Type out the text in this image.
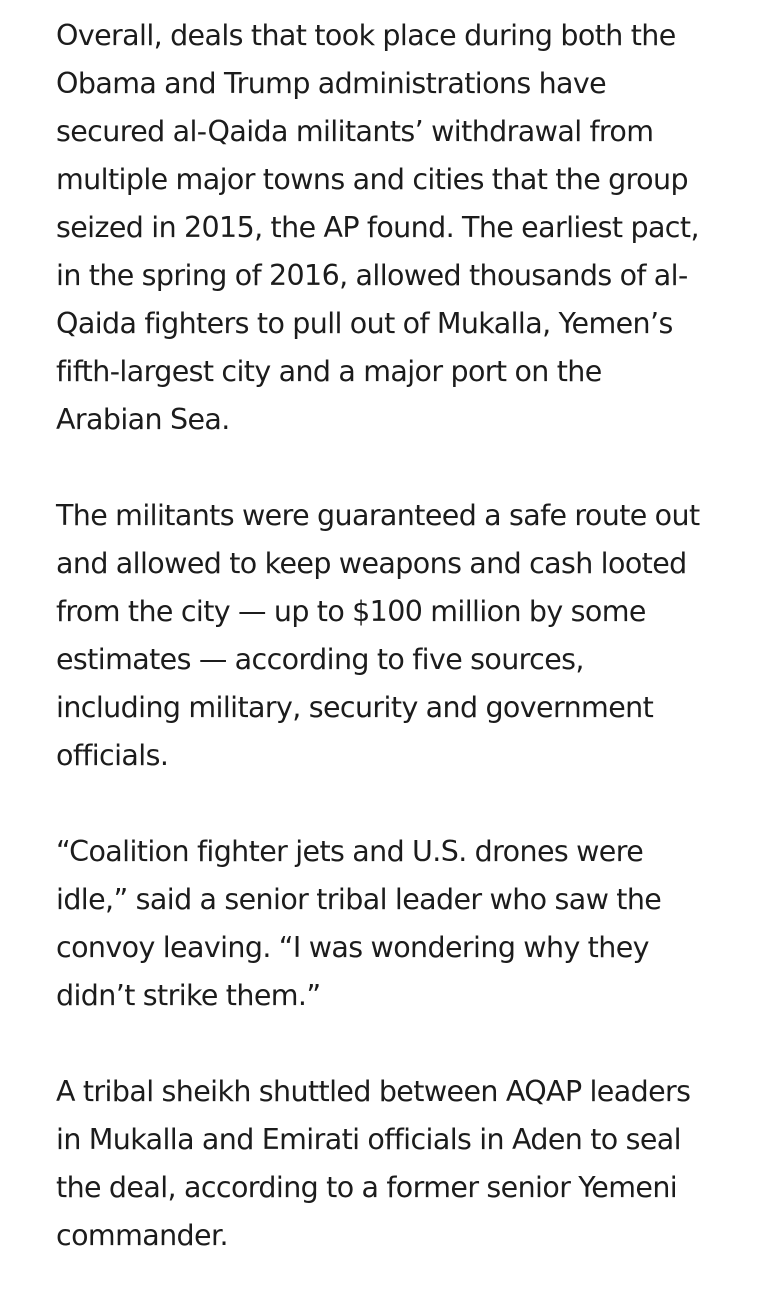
Overall, deals that took place during both the
Obama and Trump administrations have
secured al-Qaida militants’ withdrawal from
multiple major towns and cities that the group
seized in 2015, the AP found. The earliest pact,
in the spring of 2016, allowed thousands of al-
Qaida fighters to pull out of Mukalla, Yemen’s
fifth-largest city and a major port on the
Arabian Sea.

The militants were guaranteed a safe route out
and allowed to keep weapons and cash looted
from the city — up to $100 million by some
estimates — according to five sources,
including military, security and government
officials.

“Coalition fighter jets and U.S. drones were
idle,” said a senior tribal leader who saw the
convoy leaving. “I was wondering why they
didn’t strike them.”

A tribal sheikh shuttled between AQAP leaders
in Mukalla and Emirati officials in Aden to seal
the deal, according to a former senior Yemeni
commander.
